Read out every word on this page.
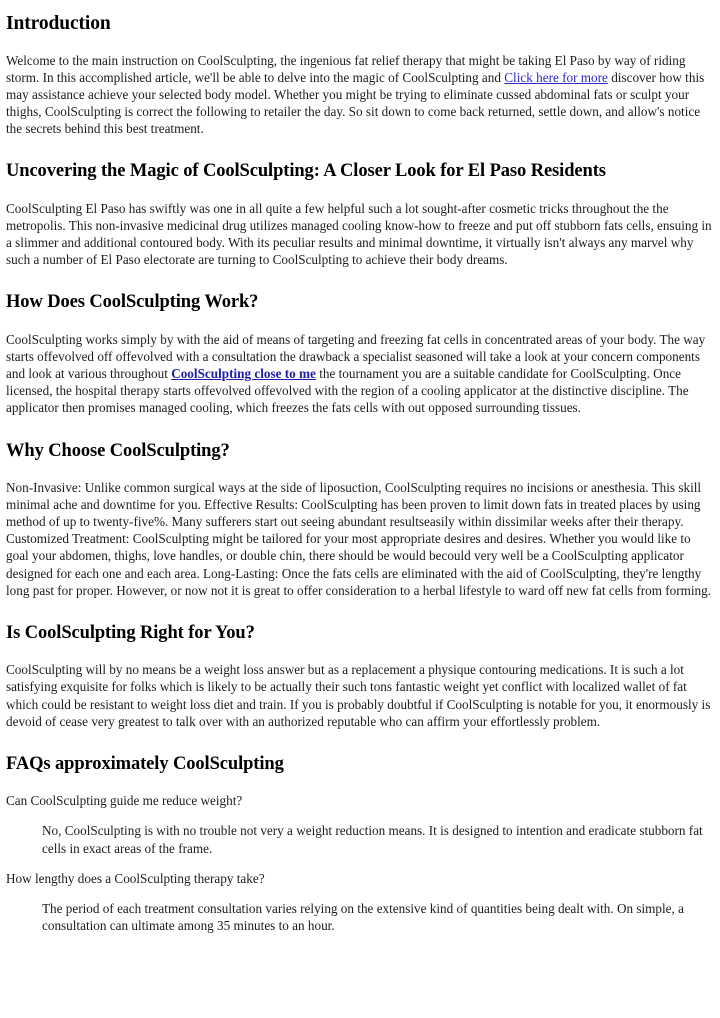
Introduction

Welcome to the main instruction on CoolSculpting, the ingenious fat relief therapy that might be taking El Paso by way of riding storm. In this accomplished article, we'll be able to delve into the magic of CoolSculpting and Click here for more discover how this may assistance achieve your selected body model. Whether you might be trying to eliminate cussed abdominal fats or sculpt your thighs, CoolSculpting is correct the following to retailer the day. So sit down to come back returned, settle down, and allow's notice the secrets behind this best treatment.

Uncovering the Magic of CoolSculpting: A Closer Look for El Paso Residents

CoolSculpting El Paso has swiftly was one in all quite a few helpful such a lot sought-after cosmetic tricks throughout the the metropolis. This non-invasive medicinal drug utilizes managed cooling know-how to freeze and put off stubborn fats cells, ensuing in a slimmer and additional contoured body. With its peculiar results and minimal downtime, it virtually isn't always any marvel why such a number of El Paso electorate are turning to CoolSculpting to achieve their body dreams.

How Does CoolSculpting Work?

CoolSculpting works simply by with the aid of means of targeting and freezing fat cells in concentrated areas of your body. The way starts offevolved off offevolved with a consultation the drawback a specialist seasoned will take a look at your concern components and look at various throughout CoolSculpting close to me the tournament you are a suitable candidate for CoolSculpting. Once licensed, the hospital therapy starts offevolved offevolved with the region of a cooling applicator at the distinctive discipline. The applicator then promises managed cooling, which freezes the fats cells with out opposed surrounding tissues.

Why Choose CoolSculpting?

Non-Invasive: Unlike common surgical ways at the side of liposuction, CoolSculpting requires no incisions or anesthesia. This skill minimal ache and downtime for you. Effective Results: CoolSculpting has been proven to limit down fats in treated places by using method of up to twenty-five%. Many sufferers start out seeing abundant resultseasily within dissimilar weeks after their therapy. Customized Treatment: CoolSculpting might be tailored for your most appropriate desires and desires. Whether you would like to goal your abdomen, thighs, love handles, or double chin, there should be would becould very well be a CoolSculpting applicator designed for each one and each area. Long-Lasting: Once the fats cells are eliminated with the aid of CoolSculpting, they're lengthy long past for proper. However, or now not it is great to offer consideration to a herbal lifestyle to ward off new fat cells from forming.

Is CoolSculpting Right for You?

CoolSculpting will by no means be a weight loss answer but as a replacement a physique contouring medications. It is such a lot satisfying exquisite for folks which is likely to be actually their such tons fantastic weight yet conflict with localized wallet of fat which could be resistant to weight loss diet and train. If you is probably doubtful if CoolSculpting is notable for you, it enormously is devoid of cease very greatest to talk over with an authorized reputable who can affirm your effortlessly problem.

FAQs approximately CoolSculpting

Can CoolSculpting guide me reduce weight?

No, CoolSculpting is with no trouble not very a weight reduction means. It is designed to intention and eradicate stubborn fat cells in exact areas of the frame.

How lengthy does a CoolSculpting therapy take?

The period of each treatment consultation varies relying on the extensive kind of quantities being dealt with. On simple, a consultation can ultimate among 35 minutes to an hour.
